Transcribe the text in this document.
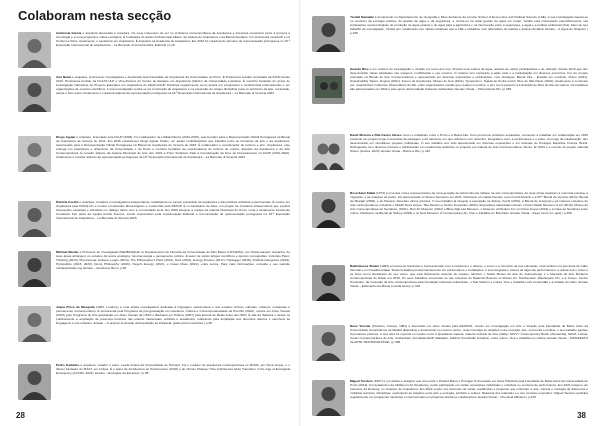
Colaboram nesta secção

Ambrósia Garcia é arquiteta doutorada e curadora. Os seus interesses de ser no problema contemporânea da arquitetura e interessa mecanicar perto à procura a tecnologia e a uma pergunta a critica ecológica. É fundadora do atelier Architectural Affairs, da Galeria de Arquitetura e da Bienal Artefacts. Foi professora na EAUP e na Sorbonne Paris. Atualmente, é assistente em Arquitetura. É Arquiteta na Academia de Arquitetura. Em 2016 foi curadora do primeiro de representação portuguesa no 15.ª Exposição Internacional de Arquitectura – La Biennale di Venezia 2021. Editorial | p.18.

Ana Neiva é arquiteta, professora, investigadora e doutorada pela Faculdade de Arquitetura da Universidade do Porto. É Professora Auxiliar convidada da FAUP desde 2013, Professora Auxiliar da FCAAT-ULP e Vice-diretora do Centro de Estudos em Arquitetura (CEAU) da Universidade Lusófona. É membro fundador do grupo de investigação Narrativas do Projecto Educativo em Arquitetura do CEAU-FAUP. Participa regularmente como autora em congressos e conferências internacionais e em organizações de eventos científicos. A sua investigação centra-se na construção de arquitetura e na expansão do campo disciplinar para os territórios da arte, sociedade, saúde e bem-estar. Atualmente é curadora adjunta da representação portuguesa na 18.ª Exposição Internacional de Arquitetura – La Biennale di Venezia 2023.

Diogo Aguiar é arquiteto, licenciado pela FAUP (2008). Foi colaborador na LIKEarchitects (2010-2015), sole-founder para a Representação Oficial Portuguesa na Bienal de Arquitetura de Veneza de 2014. Em 2016 estabeleceu Diogo Aguiar Studio, um atelier multidisciplinar que trabalha entre as fronteiras da arte e da arquitetura, selecionado para a Representação Oficial Portuguesa na Bienal de Arquitetura de Veneza de 2018. É colaborador e coordenador de turismo e arte. Arquitetura, este entrega em arquitetura e urbanismo da Universidade e do Porto e membro fundador da coordenadora do turismo de ensino, Estudos da Arquitetura e da Arte Contemporânea. É curador adjunto da Galeria Municipal de Arte. Em 2022 a Porto Sculpture Park a Coordenação da Tese de Doutoramento na FAUP (2021-2022). Atualmente é curador adjunto da representação portuguesa na 18.ª Exposição Internacional de Arquitetura – La Biennale di Venezia 2023.

Patrícia Coelho é arquiteta, curadora e investigadora independente, trabalhando no campo expandido da arquitetura e das práticas artísticas experimentais. É mestre em Arquitetura pela DARQ-UC e mestre em Estudos Museológicos e Curatoriais pela FBAUP. É co-fundadora de Atlas, um projeto de curadoria independente que explora interseções espaciais e artísticas em diálogo direto com a comunidade local. Em 2020 integrou a equipa da Galeria Municipal do Porto, onde é atualmente Assistente Curatorial. Faz parte da equipa Fertile Futures, sendo responsável pela Coordenação Editorial e Comunicação da representação portuguesa na 18.ª Exposição Internacional de Arquitetura – La Biennale di Venezia 2023.

Michael Marder é Professor de Investigação IKERBASQUE no Departamento de Filosofia da Universidade do País Basco (UPV/EHU), em Vitoria-Gasteiz, Espanha. As suas áreas abrangem os estudos da teoria ecológica, fenomenologia e pensamento político. É autor de vários artigos científicos e dezoito monografias, incluindo Plant-Thinking (2013), Phenomena–Critique–Logos (2014), The Philosopher's Plant (2014), Dust (2016), Energy Dreams (2017), Heidegger (2018), Political Categories (2019), Pyropolitics (2015, 2020), Dump Philosophy (2020), Hegel's Energy (2021), e Green Mass (2021), entre outros. Para mais informações, consulte o seu website michaelmarder.org. Ensaio – Apodrecer Bem | p.38

Joana Pissó de Mesquita (1984, Londres) é uma artista investigadora dedicada à linguagem verbal-visual e aos estudos críticos culturais, urbanos, curatoriais e pensamento contemporâneo. É doutoranda pela Programa de pós-graduação em Literatura, Cultura e Contemporaneidade da Puc-Rio (2022), mestre em Artes Visuais (2015) pelo Programa de Pós-graduação em Artes Visuais da UFRJ e Bacharel em Pintura (2007) pela Escola de Belas Artes da UFRJ. É alia da Ifeditora e desde os publicamente a ampliação da presença feminina nas esferas intelectuais, artística e acadêmica, realizando pela ampliação dos domínios abertos e sensíveis às linguagens e nas relações. Ensaio – O arquivo inventado da Expedição ao Pantanal: guião para imundícies | p.48

Pedro Gadanho é arquiteto, curador e autor. Leads Fellow da Universidade de Harvard. Foi o curador de arquitetura contemporânea no MoMA, em Nova Iorque, e o diretor fundador do MAAT, em Lisboa. É o autor de Architecture as Performance (2018) e de Climax Change! How Architecture Must Transform in the Age of Ecological Emergency (ACTAR, 2022). Ensaio – Ecologias da Escassez | p.98

28

Yardiel Namadiz é doutorando no Departamento de Geografia e Meio Ambiente da London School of Economics and Political Science (LSE). A sua investigação baseia-se no contexto da ecologia política, da gestão da água e da segurança, e centra-se na atual gestão da água em Israel. Yardiel está interessado especificamente nas implicações socioecológicas de produção de água potável e de água para a agricultura e na intersecção entre a segurança, a água e a política ambiental (Sul). Além do seu trabalho de investigação, Yardiel tem colaborado com várias iniciativas que a LSE e trabalhou num laboratório de política e justiça climática. Ensaio – A Água de Ninguém | p.238

Guarda Rios é um coletivo de investigação e criação em torno dos rios. Propõe uma cultura da água, através de ações participativas e de reflexão. Desde 2019 que têm desenvolvido várias atividades nas margens, mobilizando o seu entorno. O coletivo tem explorado a ação rural e a participação em diversos encontros. Foi um projeto premiado na Bienal de Arte Contemporânea e apresentado em diversas exposições e publicações, com destaque: Bienal Vita – Ensaiar um comboio, Rumo (2021); Sustainability Topics, Dogma (2021); Forum de Arquitetura, Museu do Coa (2021); Symposium, Tejada do Pedra Gozzi; Rios de São Paulo (2022). Atualmente é composto por: Guarda Rios Collective Observatório do Rio, entre organizações sociais que residem nos Rios, e tem como parceiro a Fundação de Rios do Alto de Lisboa. Os trabalhos são apresentados em 2022 e pelo apoio da Fundação Calouste Gulbenkian. Ensaio Visual – Observatório-Rio | p.250

David Moreira e Rita Castro Neves vivem e trabalham entre o Porto e a Baixa Alta. Com percursos artísticos separados, começam a trabalhar em colaboração em 2015 iniciando um projeto longo a propósito da paisagem e da natureza, em que reflectem com desenho, fotografia e som, a performance e o vídeo. Ao longo da colaboração, têm desenvolvido em simultâneo projetos individuais. O seu trabalho tem sido apresentado em diversas exposições e em festivais do Portugal, Espanha, França, Brasil. Distinguidos com diversos prémios e participaram em residências artísticas no projecto em Galeria de Arte Contemporânea, Monte, E! 2023 e a convite do projeto editorial Sirene (Lisboa, 2023). Ensaio Visual – Bobre a Rio | p.310

Rosa Saini Kallat (1973) é uma das vozes representantes da nova geração do subcontinente indiano na arte contemporânea. As suas obras exploram a memória coletiva, a migração, e as relações de poder. Foi apresentada no Museu Serralves em 2021. Participou em várias bienais, como Kochi-Muziris e a 55.ª Bienal de Veneza (2013), Bienal de Sharjah (2009), e de Havana. Recebeu vários prémios. O seu trabalho já integrou a exposição na Sidney, Kochi (2019), a Bienal de Liverpool e as maiores coleções de arte contemporânea, incluindo o MoMA Nova Iorque, Tate Modern e Centre Pompidou (2022). Exposições individuais incluem o Kiran Nadar Museum of Art (2019), Museu de Arte Contemporânea de Serralves, (2021), Mori Art Museum (2022) e Bhau Daji Lad Museum, o Museum of Modern Art, em Nova Iorque (2016) e a Casa de Serralves entre outros. Participou na Bienal de Sidney (2018) e no New Museum of Contemporary Art. Vive e trabalha em Bombaim. Ensaio Visual – Deep rivers run quiet | p.308

Bakhoboese Siwani (1983) encontra-se fascinado e impressionado com a natureza e o urbano, o corpo e a memória na sua educação, vivia também na província de Cabo Oriental e em KwaZulu-Natal. Siwani trabalha predominantemente em performance e instalações, e sua fotografia e vídeos de algumas performances. A artista usa o vídeo e as fotos como ilustrações de seu corpo, que está fisicamente ausente de espaço, também o Stellis Museu de Arte de Joanesburgo e o Mercado de Arte Moderna Contemporânea de Dakar em 2019. Os seus trabalhos encontram-se nas coleções do National Museum of African Art, Smithsonian, Washington DC, e a Jumex, Centre Pompidou, da Colecção de Arte Contemporânea pela Fundação Calouste Gulbenkian, o Tate Modern e outras. Vive e trabalha entre Amsterdão e a Cidade do Cabo. Ensaio Visual – Ethunacho ka Mama (ouvida lenta) | p.318

Nuno Vicente (Chartres, França, 1981) é licenciado em artes visuais pela ESADCR, mestre em Investigação em Arte e Criação pela Faculdade de Belas Artes da Universidade Complutense de Madrid (Espanha) e doutorando no mesmo centro, onde investiga as relações entre ecologia, arte, economia e política, o seu trabalho ganhou importantes prémios. A sua obra foi exposta em locais como a Quadrante Galeria, Galeria Cultural de Arte (Itália): SAVVY Contemporary Berlin (Alemanha), MAAT, Lisboa; Centro Contemporâneo de Arte, Gulbenkian, Fundação EDP, Matadero, Madrid; Kunsthalle Lissabon, entre outros. Vive e trabalha em Lisboa. Ensaio Visual – MANIFESTO da ARTE TRANSPORTÁVEL | p.388

Miguel Teodoro (1997) é um artista e designer que vive entre o Paraná Baixo e Portugal. É licenciado em Artes Plásticas pela Faculdade de Belas Artes da Universidade do Porto (2019). Foi Académico da Alldiferent Art Residency, tendo participado em várias exposições individuais e coletivas no contexto da performance. Em 2021 integrou um Intensive da Ecoloog, no Coletivo de Arquitetura. Em 2022 expôs nos domínios de várias residências e projectos que misturam a arte, ciência e ecologia de diferentes e múltiplas técnicas, disciplinas, explorando as relações entre arte e ecologia, território e cultura, Natureza dos materiais e o seu contexto expositivo. Miguel Teodoro participa regularmente em programas nacionais e internacionais em projectos artísticos colaborativos. Ensaio Visual – Chemical Affinities | p.338

38
